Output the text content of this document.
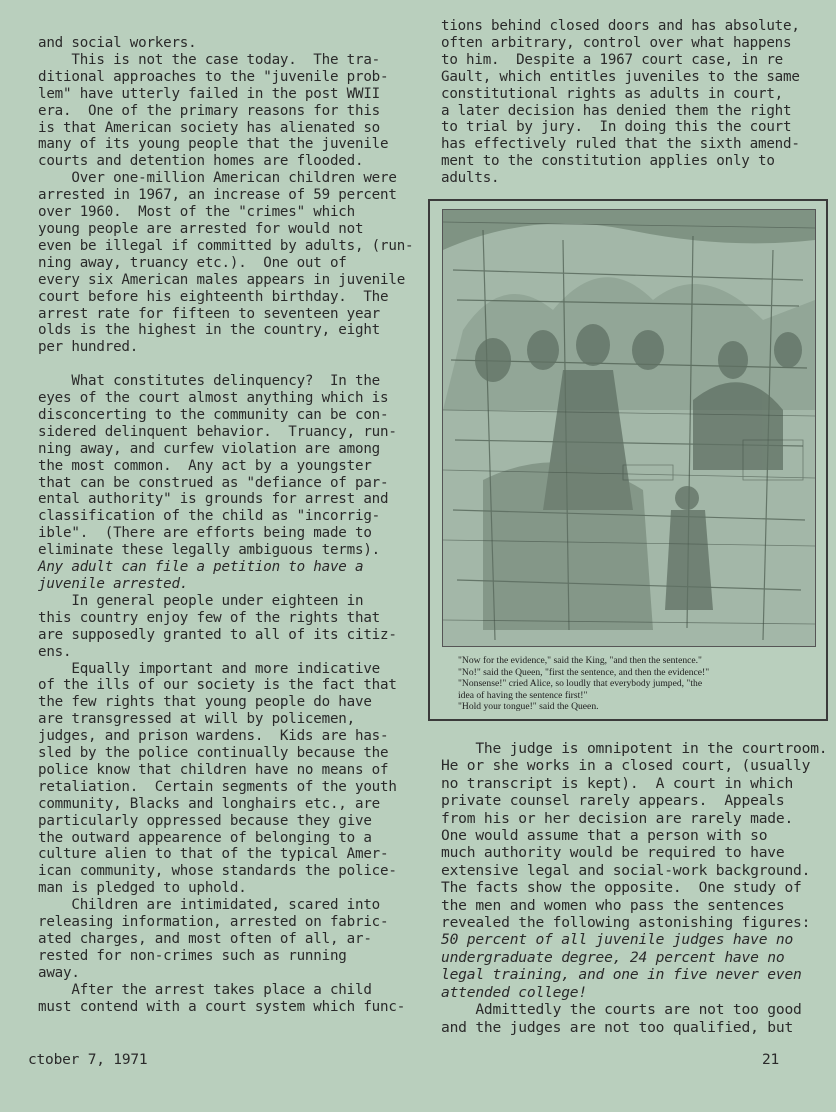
and social workers.

This is not the case today.  The tra-

ditional approaches to the "juvenile prob-

lem" have utterly failed in the post WWII

era.  One of the primary reasons for this

is that American society has alienated so

many of its young people that the juvenile

courts and detention homes are flooded.

Over one-million American children were

arrested in 1967, an increase of 59 percent

over 1960.  Most of the "crimes" which

young people are arrested for would not

even be illegal if committed by adults, (run-

ning away, truancy etc.).  One out of

every six American males appears in juvenile

court before his eighteenth birthday.  The

arrest rate for fifteen to seventeen year

olds is the highest in the country, eight

per hundred.

What constitutes delinquency?  In the

eyes of the court almost anything which is

disconcerting to the community can be con-

sidered delinquent behavior.  Truancy, run-

ning away, and curfew violation are among

the most common.  Any act by a youngster

that can be construed as "defiance of par-

ental authority" is grounds for arrest and

classification of the child as "incorrig-

ible".  (There are efforts being made to

eliminate these legally ambiguous terms).

Any adult can file a petition to have a

juvenile arrested.

In general people under eighteen in

this country enjoy few of the rights that

are supposedly granted to all of its citiz-

ens.

Equally important and more indicative

of the ills of our society is the fact that

the few rights that young people do have

are transgressed at will by policemen,

judges, and prison wardens.  Kids are has-

sled by the police continually because the

police know that children have no means of

retaliation.  Certain segments of the youth

community, Blacks and longhairs etc., are

particularly oppressed because they give

the outward appearence of belonging to a

culture alien to that of the typical Amer-

ican community, whose standards the police-

man is pledged to uphold.

Children are intimidated, scared into

releasing information, arrested on fabric-

ated charges, and most often of all, ar-

rested for non-crimes such as running

away.

After the arrest takes place a child

must contend with a court system which func-

tions behind closed doors and has absolute,

often arbitrary, control over what happens

to him.  Despite a 1967 court case, in re

Gault, which entitles juveniles to the same

constitutional rights as adults in court,

a later decision has denied them the right

to trial by jury.  In doing this the court

has effectively ruled that the sixth amend-

ment to the constitution applies only to

adults.

"Now for the evidence," said the King, "and then the sentence."

"No!" said the Queen, "first the sentence, and then the evidence!"

"Nonsense!" cried Alice, so loudly that everybody jumped, "the

idea of having the sentence first!"

"Hold your tongue!" said the Queen.

The judge is omnipotent in the courtroom.

He or she works in a closed court, (usually

no transcript is kept).  A court in which

private counsel rarely appears.  Appeals

from his or her decision are rarely made.

One would assume that a person with so

much authority would be required to have

extensive legal and social-work background.

The facts show the opposite.  One study of

the men and women who pass the sentences

revealed the following astonishing figures:

50 percent of all juvenile judges have no

undergraduate degree, 24 percent have no

legal training, and one in five never even

attended college!

Admittedly the courts are not too good

and the judges are not too qualified, but

ctober 7, 1971	21
